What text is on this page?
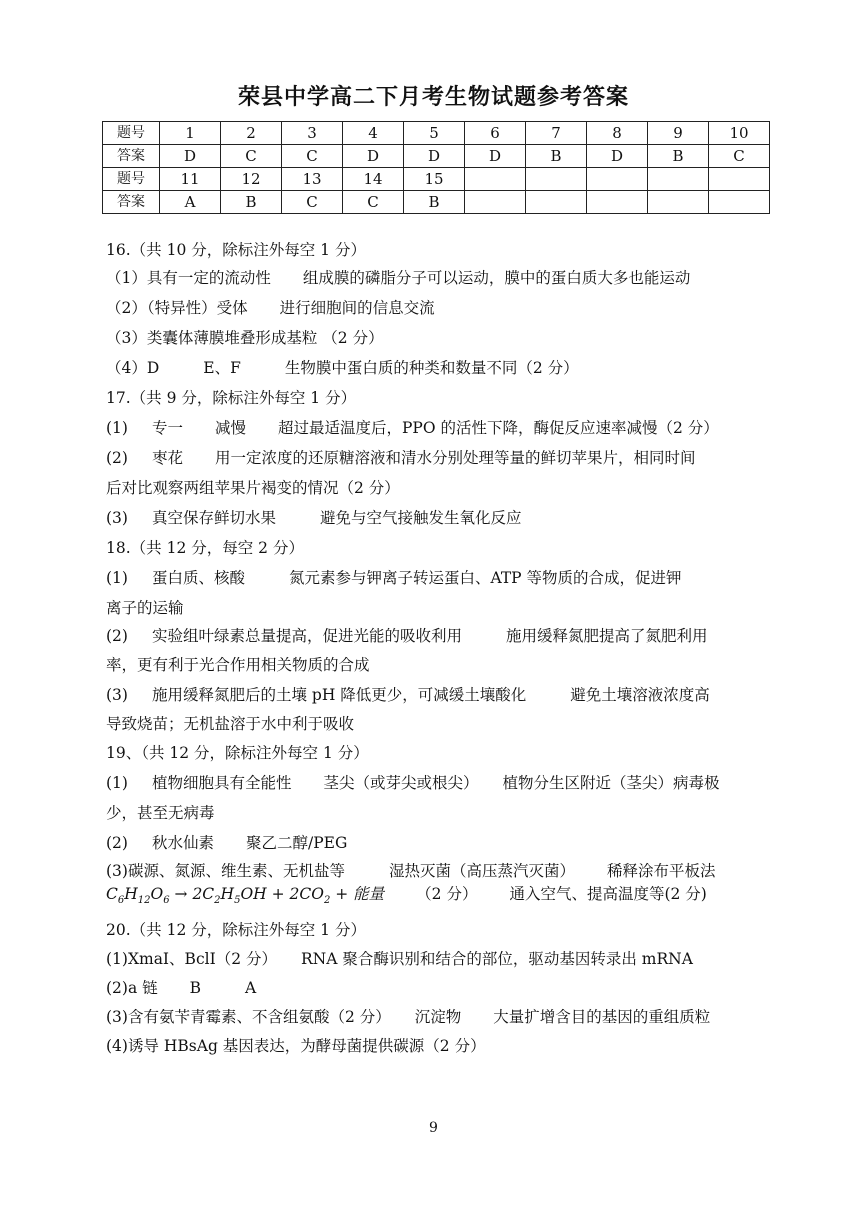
荣县中学高二下月考生物试题参考答案
题号	1	2	3	4	5	6	7	8	9	10
答案	D	C	C	D	D	D	B	D	B	C
题号	11	12	13	14	15					
答案	A	B	C	C	B					
16.（共 10 分，除标注外每空 1 分）
（1）具有一定的流动性 组成膜的磷脂分子可以运动，膜中的蛋白质大多也能运动
（2）（特异性）受体 进行细胞间的信息交流
（3）类囊体薄膜堆叠形成基粒 （2 分）
（4）D	E、F	生物膜中蛋白质的种类和数量不同（2 分）
17.（共 9 分，除标注外每空 1 分）
(1) 专一 减慢 超过最适温度后，PPO 的活性下降，酶促反应速率减慢（2 分）
(2) 枣花 用一定浓度的还原糖溶液和清水分别处理等量的鲜切苹果片，相同时间
后对比观察两组苹果片褐变的情况（2 分）
(3) 真空保存鲜切水果	避免与空气接触发生氧化反应
18.（共 12 分，每空 2 分）
(1) 蛋白质、核酸	氮元素参与钾离子转运蛋白、ATP 等物质的合成，促进钾
离子的运输
(2) 实验组叶绿素总量提高，促进光能的吸收利用	施用缓释氮肥提高了氮肥利用
率，更有利于光合作用相关物质的合成
(3) 施用缓释氮肥后的土壤 pH 降低更少，可减缓土壤酸化	避免土壤溶液浓度高
导致烧苗；无机盐溶于水中利于吸收
19、（共 12 分，除标注外每空 1 分）
(1) 植物细胞具有全能性 茎尖（或芽尖或根尖） 植物分生区附近（茎尖）病毒极
少，甚至无病毒
(2) 秋水仙素 聚乙二醇/PEG
(3)碳源、氮源、维生素、无机盐等	湿热灭菌（高压蒸汽灭菌） 稀释涂布平板法
$C_6H_{12}O_6 \to 2C_2H_5OH + 2CO_2$ + 能量 （2 分） 通入空气、提高温度等(2 分)
20.（共 12 分，除标注外每空 1 分）
(1)XmaⅠ、BclⅠ（2 分） RNA 聚合酶识别和结合的部位，驱动基因转录出 mRNA
(2)a 链 B	A
(3)含有氨苄青霉素、不含组氨酸（2 分） 沉淀物 大量扩增含目的基因的重组质粒
(4)诱导 HBsAg 基因表达，为酵母菌提供碳源（2 分）
9
